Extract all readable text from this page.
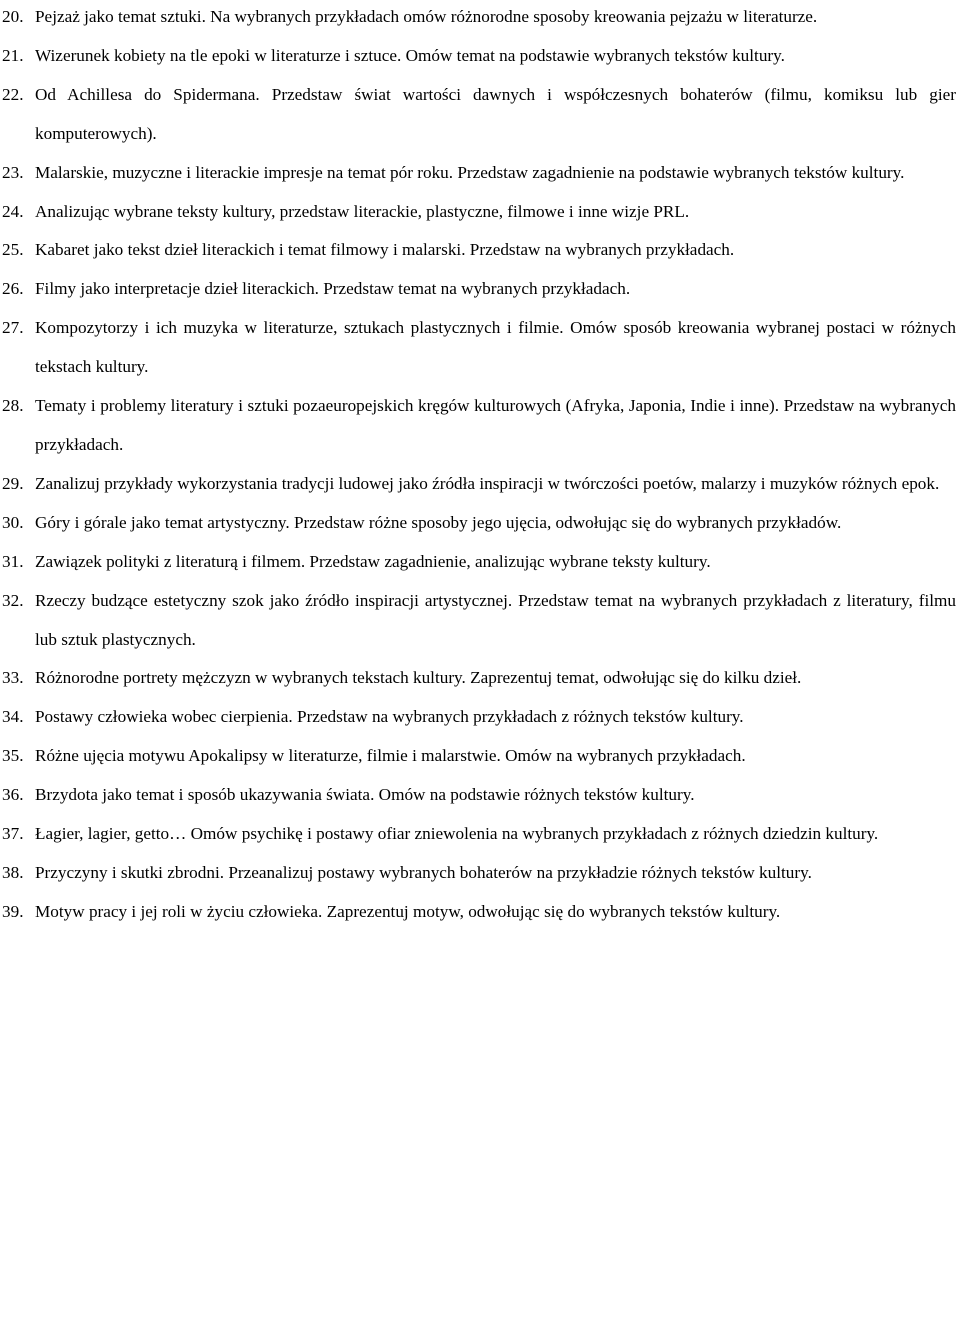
20. Pejzaż jako temat sztuki. Na wybranych przykładach omów różnorodne sposoby kreowania pejzażu w literaturze.
21. Wizerunek kobiety na tle epoki w literaturze i sztuce. Omów temat na podstawie wybranych tekstów kultury.
22. Od Achillesa do Spidermana. Przedstaw świat wartości dawnych i współczesnych bohaterów (filmu, komiksu lub gier komputerowych).
23. Malarskie, muzyczne i literackie impresje na temat pór roku. Przedstaw zagadnienie na podstawie wybranych tekstów kultury.
24. Analizując wybrane teksty kultury, przedstaw literackie, plastyczne, filmowe i inne wizje PRL.
25. Kabaret jako tekst dzieł literackich i temat filmowy i malarski. Przedstaw na wybranych przykładach.
26. Filmy jako interpretacje dzieł literackich. Przedstaw temat na wybranych przykładach.
27. Kompozytorzy i ich muzyka w literaturze, sztukach plastycznych i filmie. Omów sposób kreowania wybranej postaci w różnych tekstach kultury.
28. Tematy i problemy literatury i sztuki pozaeuropejskich kręgów kulturowych (Afryka, Japonia, Indie i inne). Przedstaw na wybranych przykładach.
29. Zanalizuj przykłady wykorzystania tradycji ludowej jako źródła inspiracji w twórczości poetów, malarzy i muzyków różnych epok.
30. Góry i górale jako temat artystyczny. Przedstaw różne sposoby jego ujęcia, odwołując się do wybranych przykładów.
31. Zawiązek polityki z literaturą i filmem. Przedstaw zagadnienie, analizując wybrane teksty kultury.
32. Rzeczy budzące estetyczny szok jako źródło inspiracji artystycznej. Przedstaw temat na wybranych przykładach z literatury, filmu lub sztuk plastycznych.
33. Różnorodne portrety mężczyzn w wybranych tekstach kultury. Zaprezentuj temat, odwołując się do kilku dzieł.
34. Postawy człowieka wobec cierpienia. Przedstaw na wybranych przykładach z różnych tekstów kultury.
35. Różne ujęcia motywu Apokalipsy w literaturze, filmie i malarstwie. Omów na wybranych przykładach.
36. Brzydota jako temat i sposób ukazywania świata. Omów na podstawie różnych tekstów kultury.
37. Łagier, lagier, getto… Omów psychikę i postawy ofiar zniewolenia na wybranych przykładach z różnych dziedzin kultury.
38. Przyczyny i skutki zbrodni. Przeanalizuj postawy wybranych bohaterów na przykładzie różnych tekstów kultury.
39. Motyw pracy i jej roli w życiu człowieka. Zaprezentuj motyw, odwołując się do wybranych tekstów kultury.
